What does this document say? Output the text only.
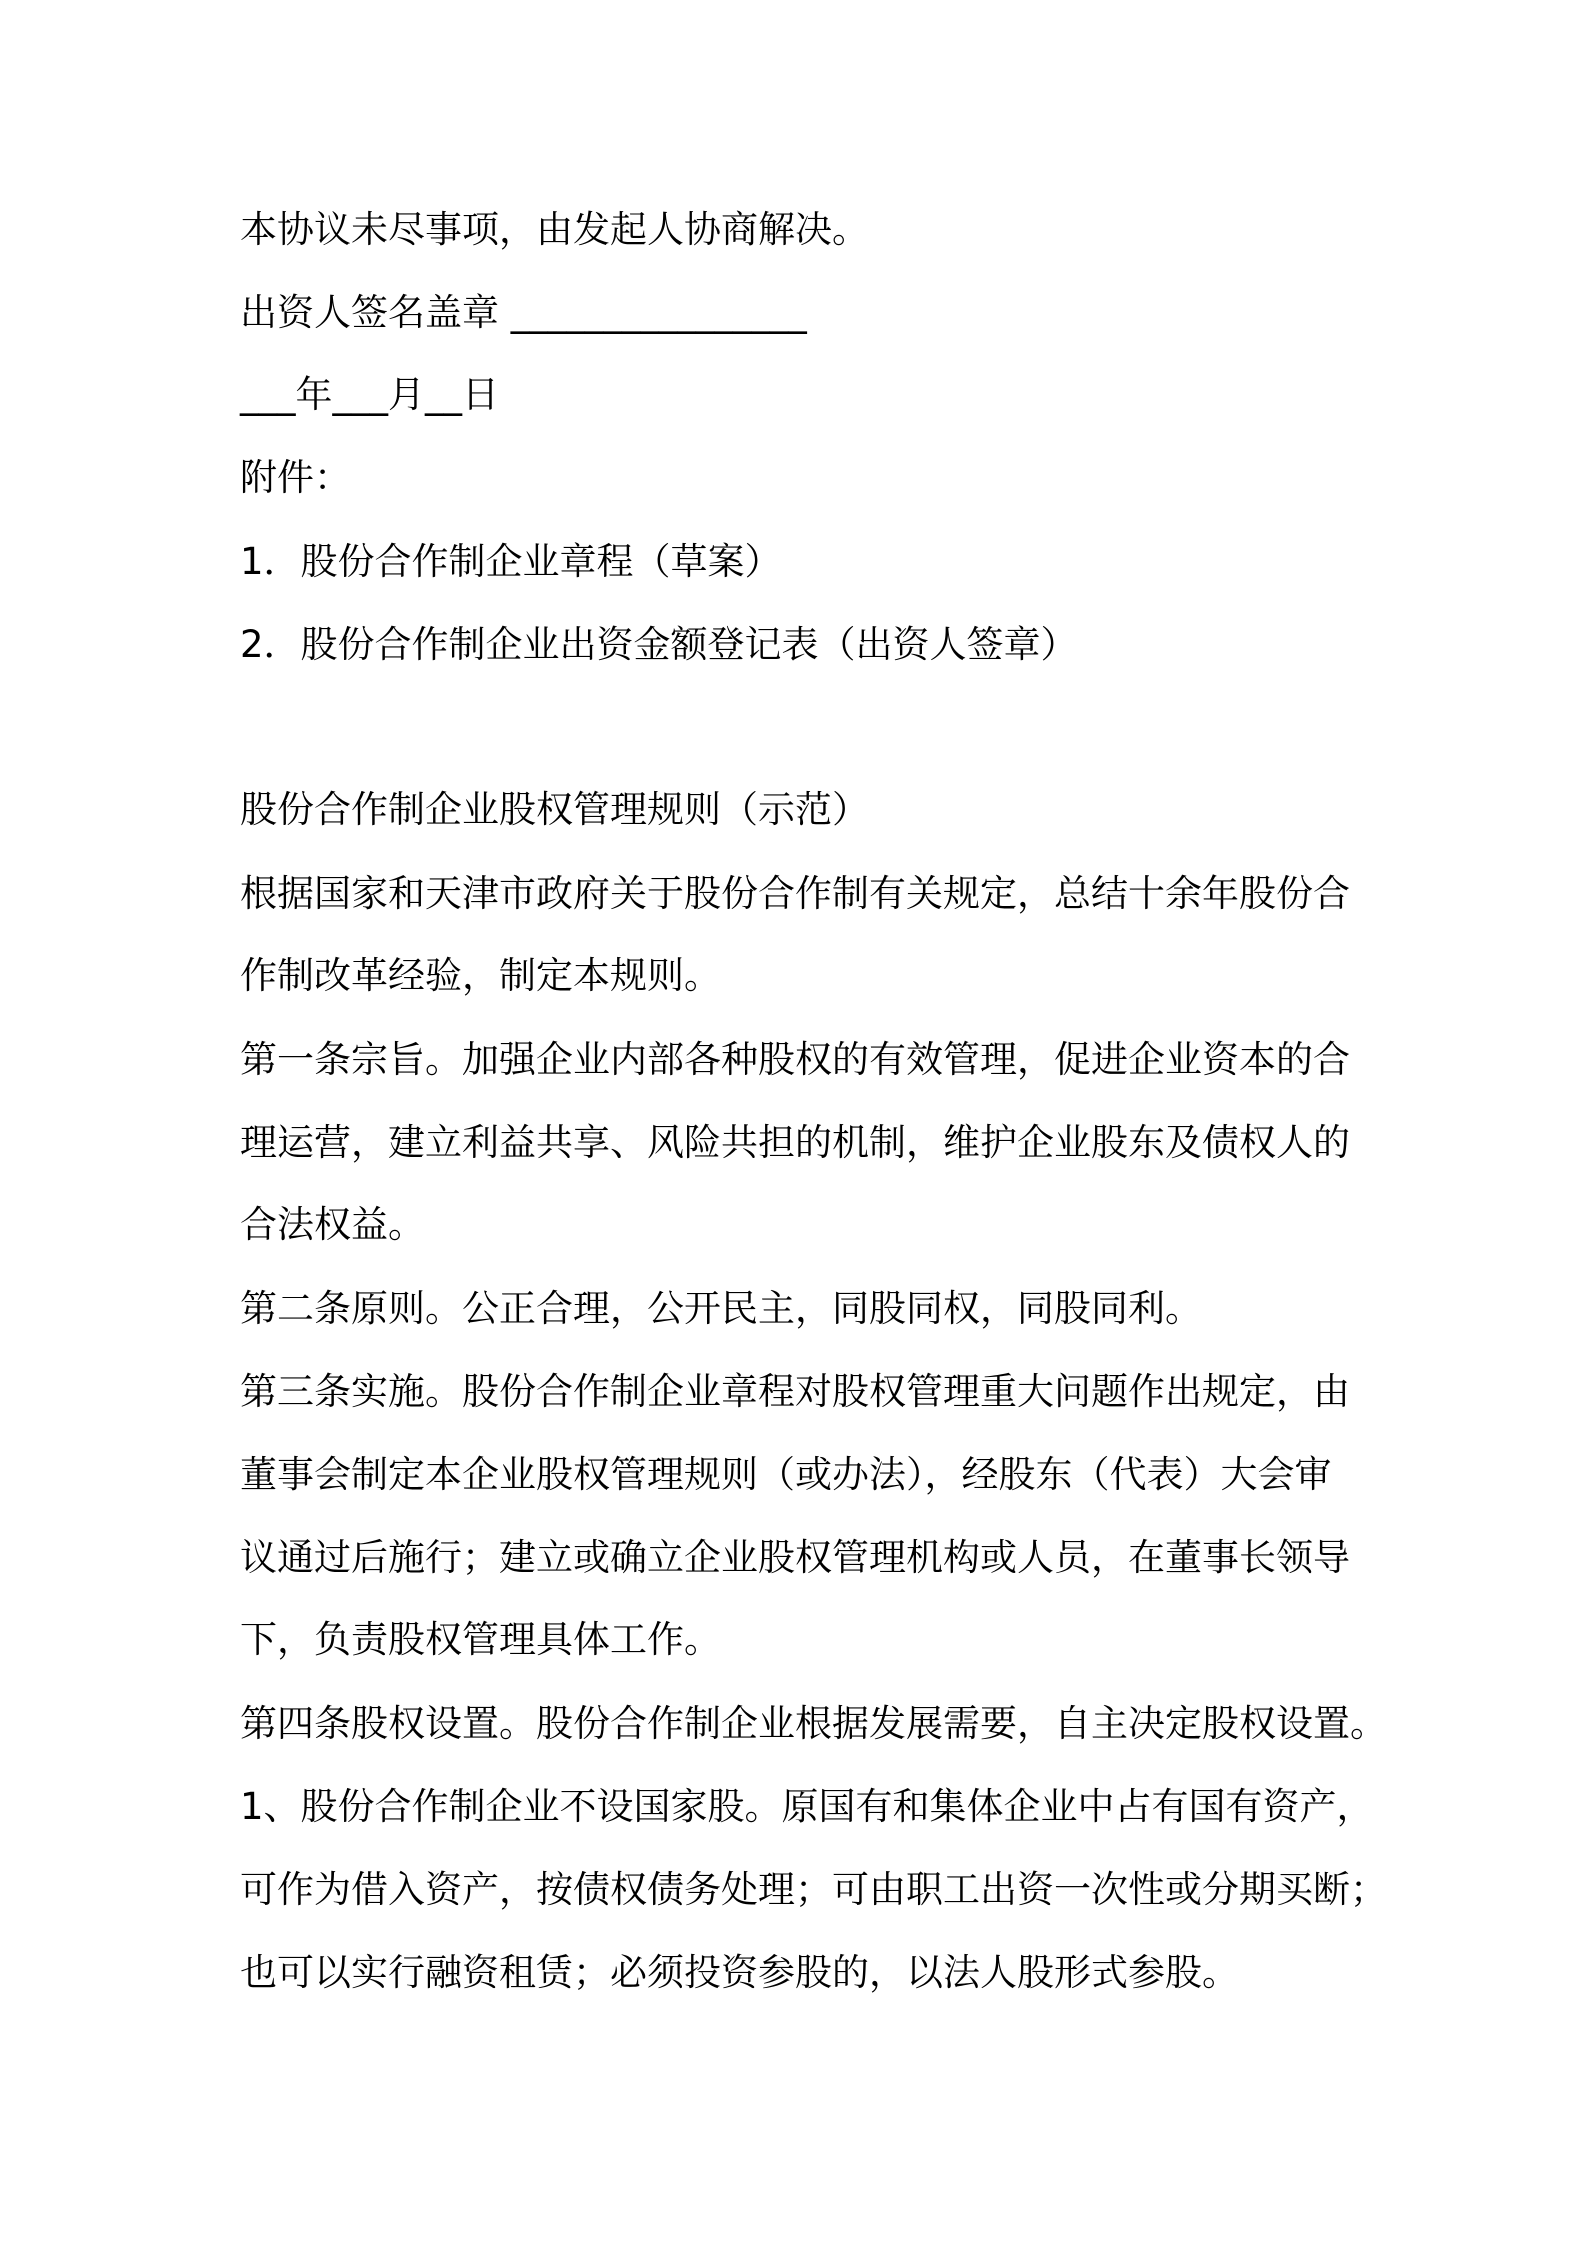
本协议未尽事项，由发起人协商解决。
出资人签名盖章 ________________
___年___月__日
附件：
1．股份合作制企业章程（草案）
2．股份合作制企业出资金额登记表（出资人签章）
股份合作制企业股权管理规则（示范）
根据国家和天津市政府关于股份合作制有关规定，总结十余年股份合
作制改革经验，制定本规则。
第一条宗旨。加强企业内部各种股权的有效管理，促进企业资本的合
理运营，建立利益共享、风险共担的机制，维护企业股东及债权人的
合法权益。
第二条原则。公正合理，公开民主，同股同权，同股同利。
第三条实施。股份合作制企业章程对股权管理重大问题作出规定，由
董事会制定本企业股权管理规则（或办法），经股东（代表）大会审
议通过后施行；建立或确立企业股权管理机构或人员，在董事长领导
下，负责股权管理具体工作。
第四条股权设置。股份合作制企业根据发展需要，自主决定股权设置。
1、股份合作制企业不设国家股。原国有和集体企业中占有国有资产，
可作为借入资产，按债权债务处理；可由职工出资一次性或分期买断；
也可以实行融资租赁；必须投资参股的，以法人股形式参股。
